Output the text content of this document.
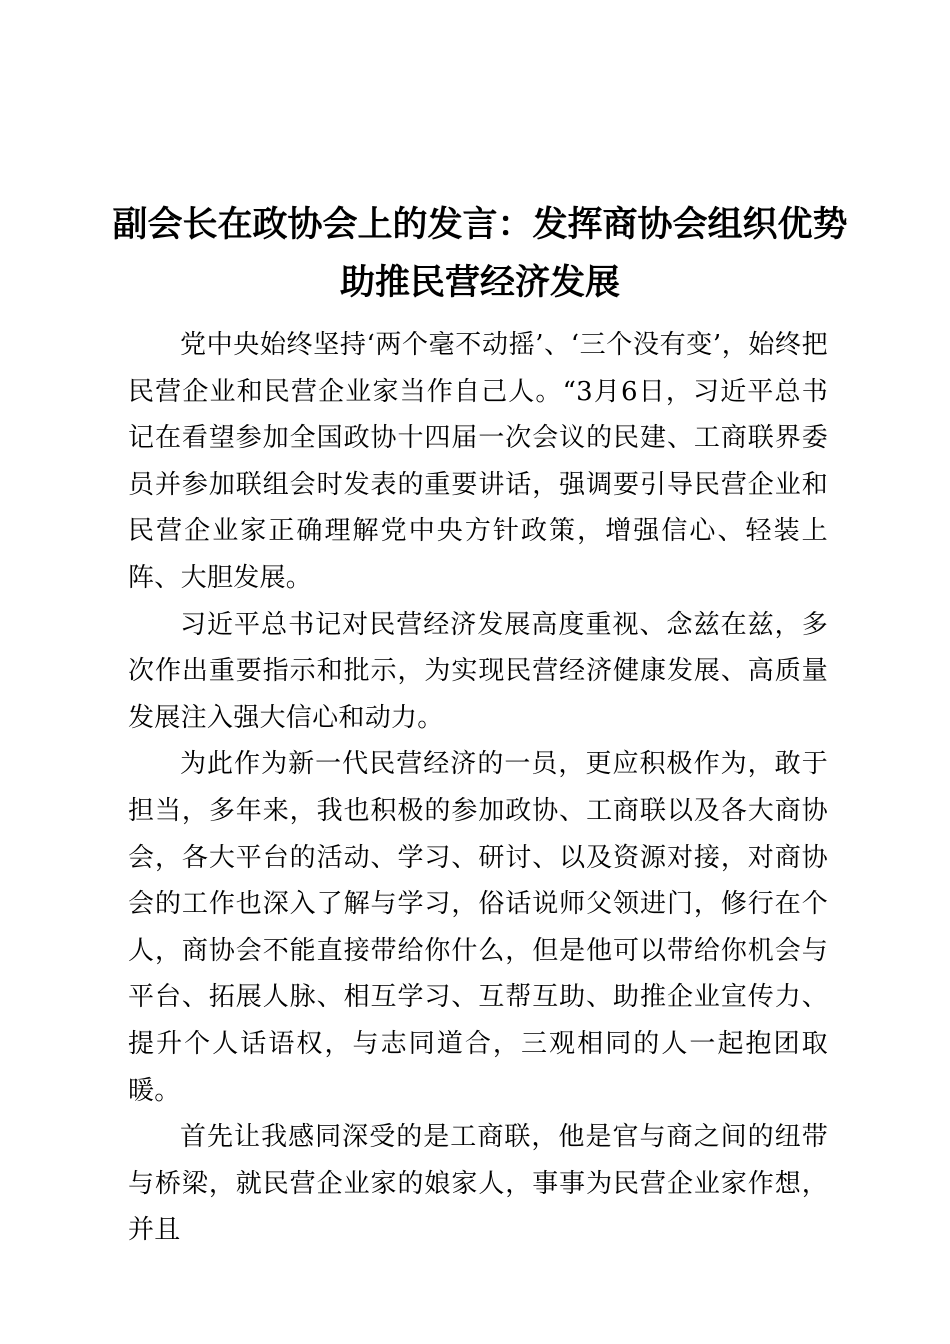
副会长在政协会上的发言：发挥商协会组织优势助推民营经济发展

党中央始终坚持‘两个毫不动摇’、‘三个没有变’，始终把民营企业和民营企业家当作自己人。“3月6日，习近平总书记在看望参加全国政协十四届一次会议的民建、工商联界委员并参加联组会时发表的重要讲话，强调要引导民营企业和民营企业家正确理解党中央方针政策，增强信心、轻装上阵、大胆发展。

习近平总书记对民营经济发展高度重视、念兹在兹，多次作出重要指示和批示，为实现民营经济健康发展、高质量发展注入强大信心和动力。

为此作为新一代民营经济的一员，更应积极作为，敢于担当，多年来，我也积极的参加政协、工商联以及各大商协会，各大平台的活动、学习、研讨、以及资源对接，对商协会的工作也深入了解与学习，俗话说师父领进门，修行在个人，商协会不能直接带给你什么，但是他可以带给你机会与平台、拓展人脉、相互学习、互帮互助、助推企业宣传力、提升个人话语权，与志同道合，三观相同的人一起抱团取暖。

首先让我感同深受的是工商联，他是官与商之间的纽带与桥梁，就民营企业家的娘家人，事事为民营企业家作想，并且
